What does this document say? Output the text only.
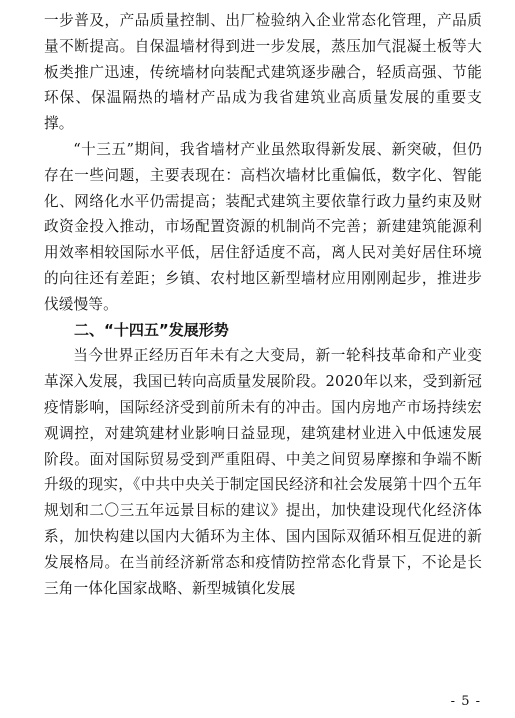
一步普及，产品质量控制、出厂检验纳入企业常态化管理，产品质量不断提高。自保温墙材得到进一步发展，蒸压加气混凝土板等大板类推广迅速，传统墙材向装配式建筑逐步融合，轻质高强、节能环保、保温隔热的墙材产品成为我省建筑业高质量发展的重要支撑。

“十三五”期间，我省墙材产业虽然取得新发展、新突破，但仍存在一些问题，主要表现在：高档次墙材比重偏低，数字化、智能化、网络化水平仍需提高；装配式建筑主要依靠行政力量约束及财政资金投入推动，市场配置资源的机制尚不完善；新建建筑能源利用效率相较国际水平低，居住舒适度不高，离人民对美好居住环境的向往还有差距；乡镇、农村地区新型墙材应用刚刚起步，推进步伐缓慢等。

二、“十四五”发展形势

当今世界正经历百年未有之大变局，新一轮科技革命和产业变革深入发展，我国已转向高质量发展阶段。2020年以来，受到新冠疫情影响，国际经济受到前所未有的冲击。国内房地产市场持续宏观调控，对建筑建材业影响日益显现，建筑建材业进入中低速发展阶段。面对国际贸易受到严重阻碍、中美之间贸易摩擦和争端不断升级的现实，《中共中央关于制定国民经济和社会发展第十四个五年规划和二〇三五年远景目标的建议》提出，加快建设现代化经济体系，加快构建以国内大循环为主体、国内国际双循环相互促进的新发展格局。在当前经济新常态和疫情防控常态化背景下，不论是长三角一体化国家战略、新型城镇化发展

- 5 -
